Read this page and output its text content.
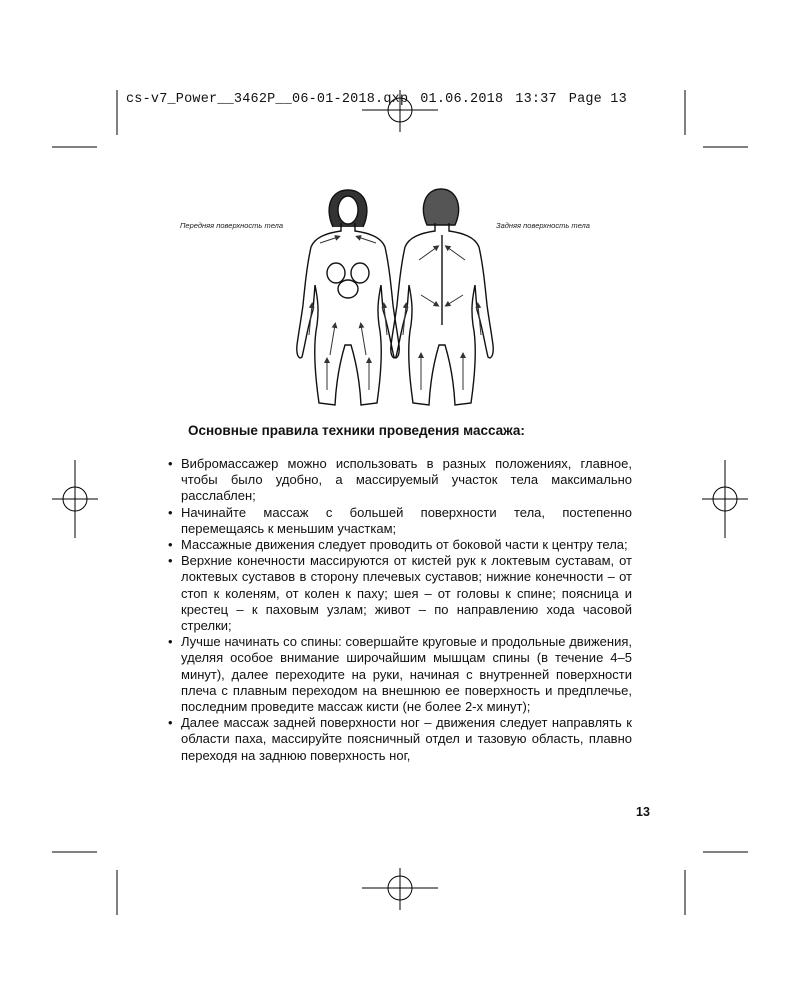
cs-v7_Power__3462P__06-01-2018.qxp 01.06.2018 13:37 Page 13
Передняя поверхность тела	Задняя поверхность тела
Основные правила техники проведения массажа:
• Вибромассажер можно использовать в разных положениях, главное, чтобы было удобно, а массируемый участок тела максимально расслаблен;
• Начинайте массаж с большей поверхности тела, постепенно перемещаясь к меньшим участкам;
• Массажные движения следует проводить от боковой части к центру тела;
• Верхние конечности массируются от кистей рук к локтевым суставам, от локтевых суставов в сторону плечевых суставов; нижние конечности – от стоп к коленям, от колен к паху; шея – от головы к спине; поясница и крестец – к паховым узлам; живот – по направлению хода часовой стрелки;
• Лучше начинать со спины: совершайте круговые и продольные движения, уделяя особое внимание широчайшим мышцам спины (в течение 4–5 минут), далее переходите на руки, начиная с внутренней поверхности плеча с плавным переходом на внешнюю ее поверхность и предплечье, последним проведите массаж кисти (не более 2-х минут);
• Далее массаж задней поверхности ног – движения следует направлять к области паха, массируйте поясничный отдел и тазовую область, плавно переходя на заднюю поверхность ног,
13
